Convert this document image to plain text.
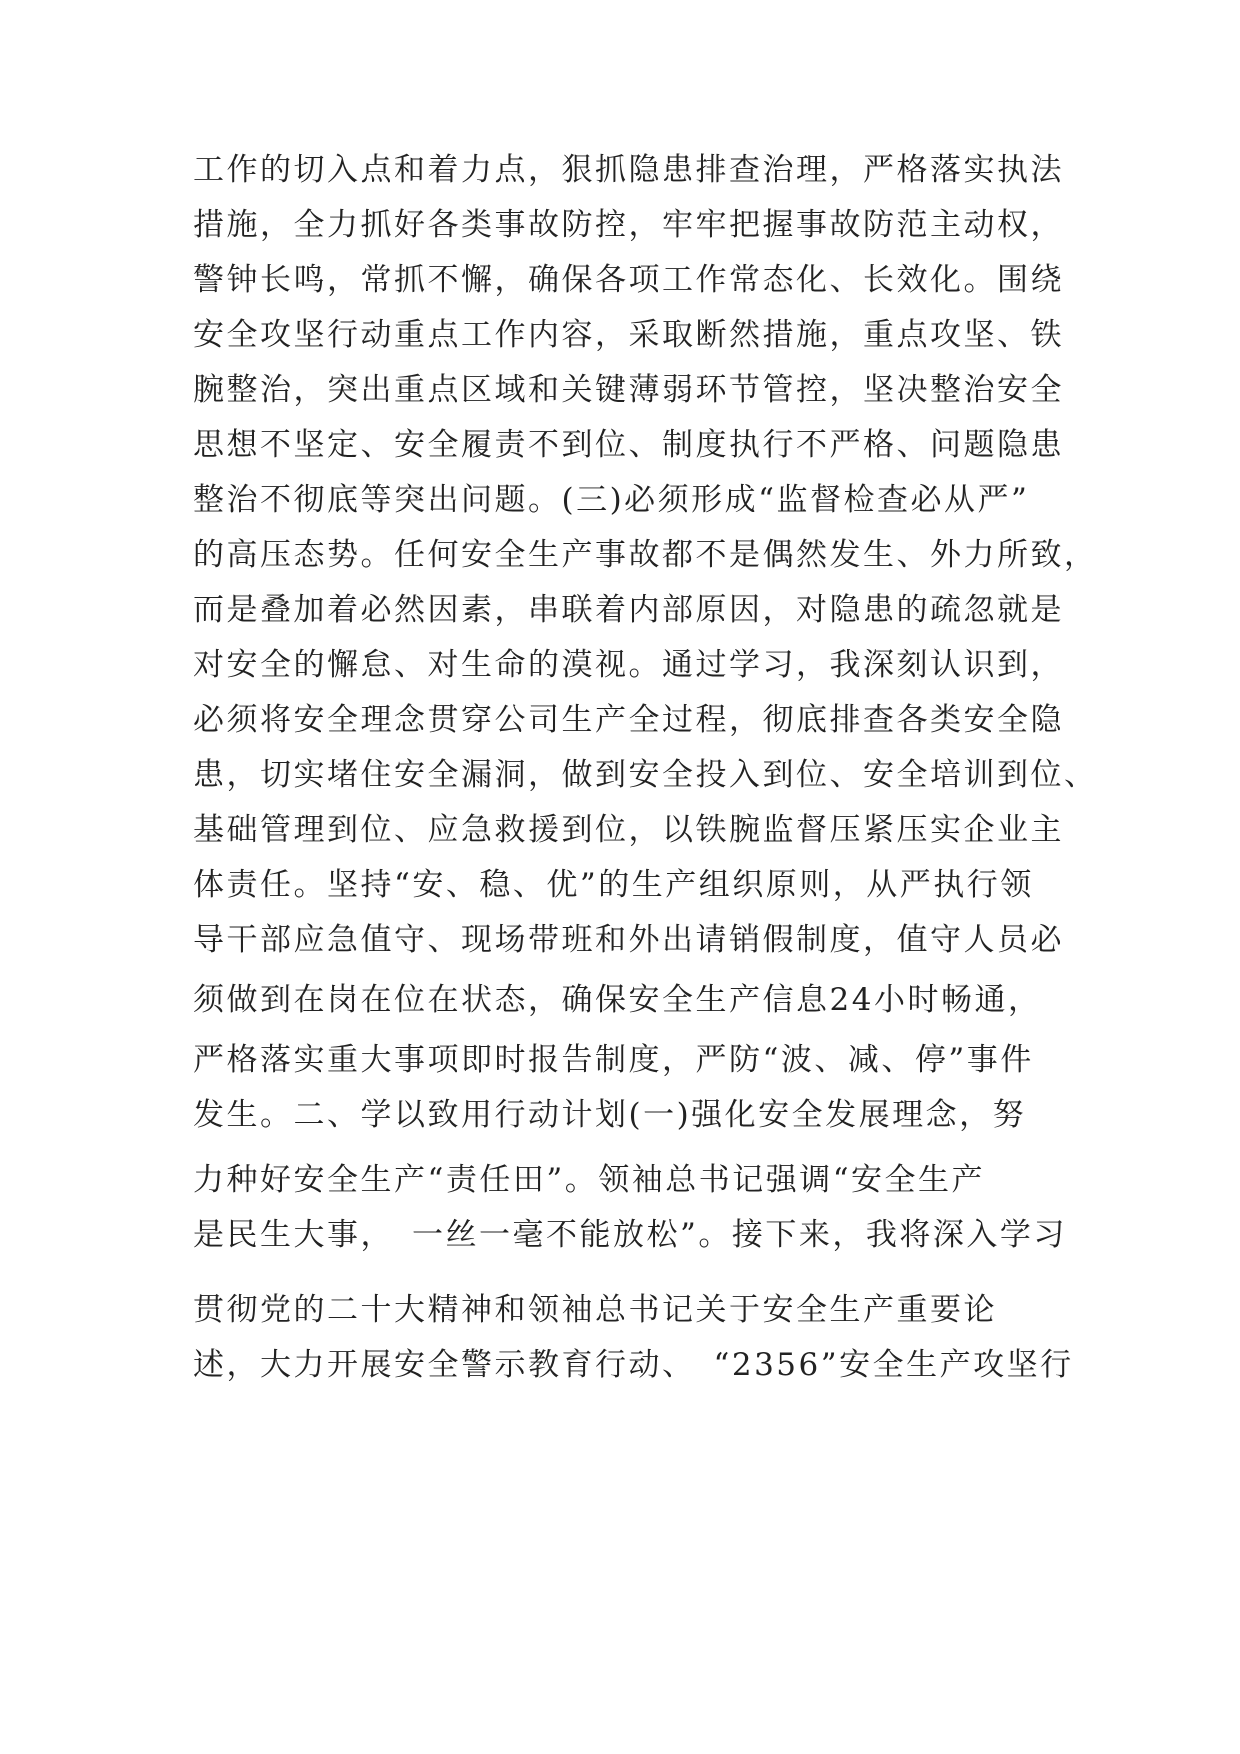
工作的切入点和着力点，狠抓隐患排查治理，严格落实执法
措施，全力抓好各类事故防控，牢牢把握事故防范主动权，
警钟长鸣，常抓不懈，确保各项工作常态化、长效化。围绕
安全攻坚行动重点工作内容，采取断然措施，重点攻坚、铁
腕整治，突出重点区域和关键薄弱环节管控，坚决整治安全
思想不坚定、安全履责不到位、制度执行不严格、问题隐患
整治不彻底等突出问题。(三)必须形成“监督检查必从严”
的高压态势。任何安全生产事故都不是偶然发生、外力所致，
而是叠加着必然因素，串联着内部原因，对隐患的疏忽就是
对安全的懈怠、对生命的漠视。通过学习，我深刻认识到，
必须将安全理念贯穿公司生产全过程，彻底排查各类安全隐
患，切实堵住安全漏洞，做到安全投入到位、安全培训到位、
基础管理到位、应急救援到位，以铁腕监督压紧压实企业主
体责任。坚持“安、稳、优”的生产组织原则，从严执行领
导干部应急值守、现场带班和外出请销假制度，值守人员必
须做到在岗在位在状态，确保安全生产信息24小时畅通，
严格落实重大事项即时报告制度，严防“波、减、停”事件
发生。二、学以致用行动计划(一)强化安全发展理念，努
力种好安全生产“责任田”。领袖总书记强调“安全生产
是民生大事，　一丝一毫不能放松”。接下来，我将深入学习
贯彻党的二十大精神和领袖总书记关于安全生产重要论
述，大力开展安全警示教育行动、　“2356”安全生产攻坚行
